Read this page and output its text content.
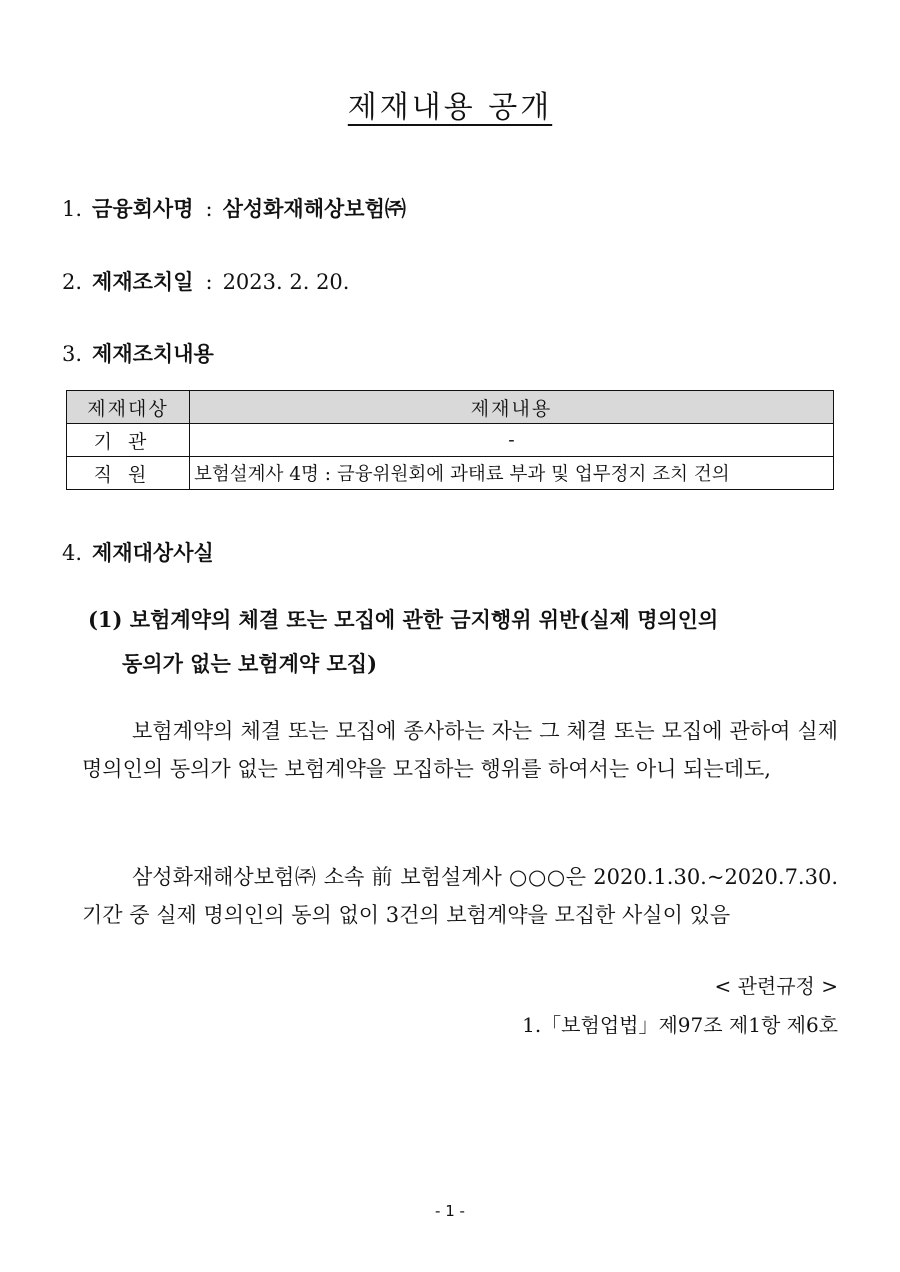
제재내용 공개
1. 금융회사명 : 삼성화재해상보험㈜
2. 제재조치일 : 2023. 2. 20.
3. 제재조치내용
제재대상	제재내용
기관	-
직원	보험설계사 4명 : 금융위원회에 과태료 부과 및 업무정지 조치 건의
4. 제재대상사실
(1) 보험계약의 체결 또는 모집에 관한 금지행위 위반(실제 명의인의
동의가 없는 보험계약 모집)
보험계약의 체결 또는 모집에 종사하는 자는 그 체결 또는 모집에 관하여 실제 명의인의 동의가 없는 보험계약을 모집하는 행위를 하여서는 아니 되는데도,
삼성화재해상보험㈜ 소속 前 보험설계사 ○○○은 2020.1.30.~2020.7.30. 기간 중 실제 명의인의 동의 없이 3건의 보험계약을 모집한 사실이 있음
< 관련규정 >
1.「보험업법」제97조 제1항 제6호
- 1 -
